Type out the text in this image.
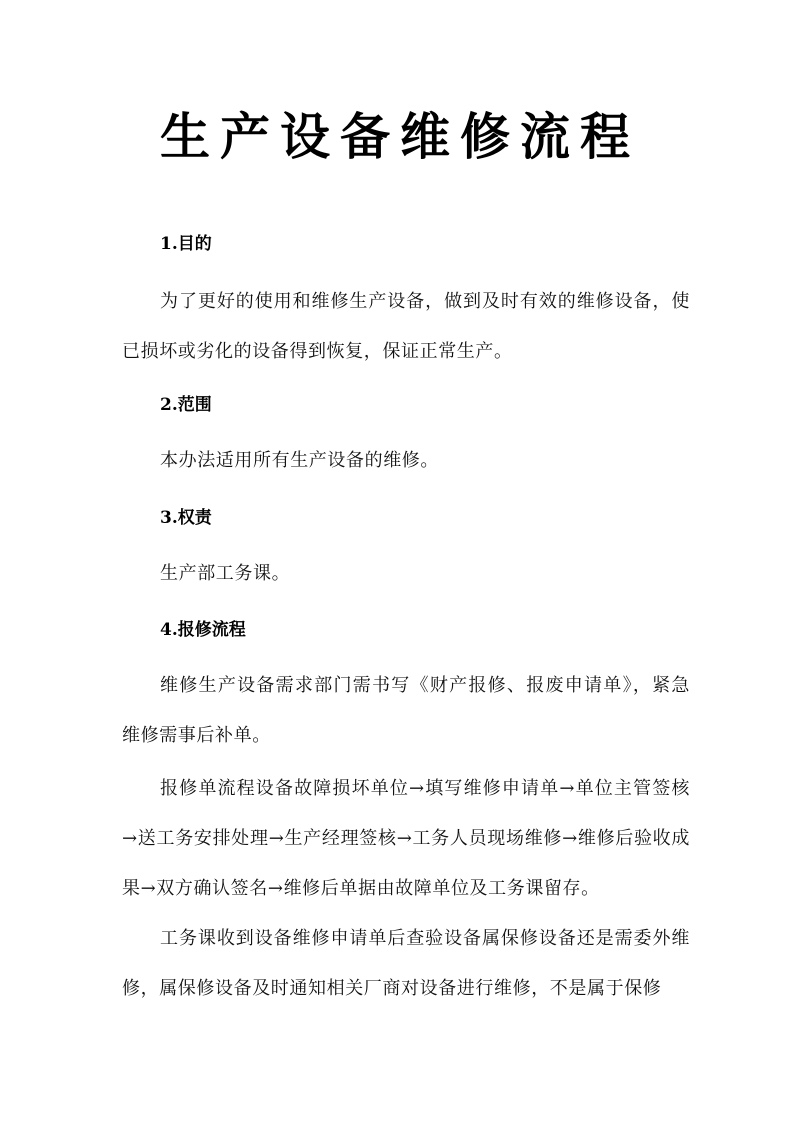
生产设备维修流程
1.目的

为了更好的使用和维修生产设备，做到及时有效的维修设备，使已损坏或劣化的设备得到恢复，保证正常生产。

2.范围

本办法适用所有生产设备的维修。

3.权责

生产部工务课。

4.报修流程

维修生产设备需求部门需书写《财产报修、报废申请单》，紧急维修需事后补单。

报修单流程设备故障损坏单位→填写维修申请单→单位主管签核→送工务安排处理→生产经理签核→工务人员现场维修→维修后验收成果→双方确认签名→维修后单据由故障单位及工务课留存。

工务课收到设备维修申请单后查验设备属保修设备还是需委外维修，属保修设备及时通知相关厂商对设备进行维修，不是属于保修
